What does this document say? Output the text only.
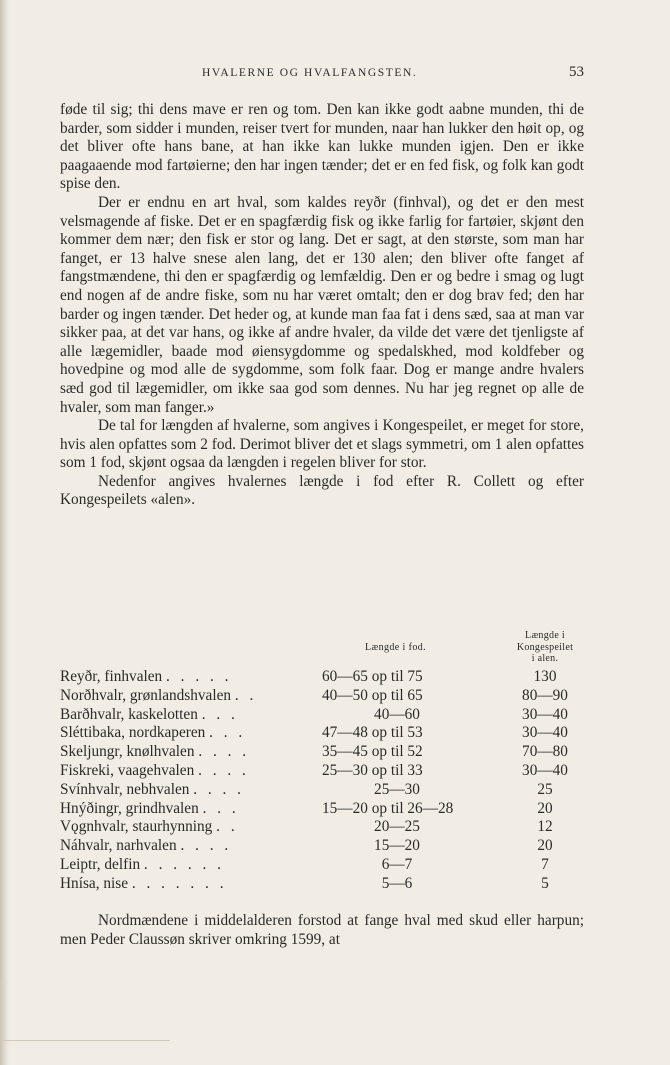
HVALERNE OG HVALFANGSTEN.	53

føde til sig; thi dens mave er ren og tom. Den kan ikke godt aabne munden, thi de barder, som sidder i munden, reiser tvert for munden, naar han lukker den høit op, og det bliver ofte hans bane, at han ikke kan lukke munden igjen. Den er ikke paagaaende mod fartøierne; den har ingen tænder; det er en fed fisk, og folk kan godt spise den.

Der er endnu en art hval, som kaldes reyðr (finhval), og det er den mest velsmagende af fiske. Det er en spagfærdig fisk og ikke farlig for fartøier, skjønt den kommer dem nær; den fisk er stor og lang. Det er sagt, at den største, som man har fanget, er 13 halve snese alen lang, det er 130 alen; den bliver ofte fanget af fangstmændene, thi den er spagfærdig og lemfældig. Den er og bedre i smag og lugt end nogen af de andre fiske, som nu har været omtalt; den er dog brav fed; den har barder og ingen tænder. Det heder og, at kunde man faa fat i dens sæd, saa at man var sikker paa, at det var hans, og ikke af andre hvaler, da vilde det være det tjenligste af alle lægemidler, baade mod øiensygdomme og spedalskhed, mod koldfeber og hovedpine og mod alle de sygdomme, som folk faar. Dog er mange andre hvalers sæd god til lægemidler, om ikke saa god som dennes. Nu har jeg regnet op alle de hvaler, som man fanger.»

De tal for længden af hvalerne, som angives i Kongespeilet, er meget for store, hvis alen opfattes som 2 fod. Derimot bliver det et slags symmetri, om 1 alen opfattes som 1 fod, skjønt ogsaa da længden i regelen bliver for stor.

Nedenfor angives hvalernes længde i fod efter R. Collett og efter Kongespeilets «alen».

Længde i fod.
Længde i
Kongespeilet
i alen.
Reyðr, finhvalen . . . . .	60—65 op til 75	130
Norðhvalr, grønlandshvalen . .	40—50 op til 65	80—90
Barðhvalr, kaskelotten . . .	40—60	30—40
Sléttibaka, nordkaperen . . .	47—48 op til 53	30—40
Skeljungr, knølhvalen . . . .	35—45 op til 52	70—80
Fiskreki, vaagehvalen . . . .	25—30 op til 33	30—40
Svínhvalr, nebhvalen . . . .	25—30	25
Hnýðingr, grindhvalen . . .	15—20 op til 26—28	20
Vǫgnhvalr, staurhynning . .	20—25	12
Náhvalr, narhvalen . . . .	15—20	20
Leiptr, delfin . . . . . .	6—7	7
Hnísa, nise . . . . . . .	5—6	5

Nordmændene i middelalderen forstod at fange hval med skud eller harpun; men Peder Claussøn skriver omkring 1599, at
